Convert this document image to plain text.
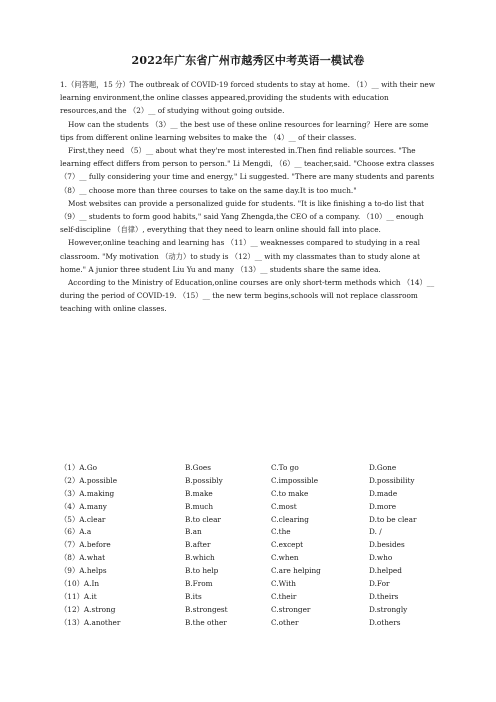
2022年广东省广州市越秀区中考英语一模试卷

1.（问答题，15 分）The outbreak of COVID-19 forced students to stay at home. （1）__ with their new learning environment,the online classes appeared,providing the students with education resources,and the （2）__ of studying without going outside.

How can the students （3）__ the best use of these online resources for learning？Here are some tips from different online learning websites to make the （4）__ of their classes.

First,they need （5）__ about what they're most interested in.Then find reliable sources. "The learning effect differs from person to person." Li Mengdi, （6）__ teacher,said. "Choose extra classes （7）__ fully considering your time and energy," Li suggested. "There are many students and parents （8）__ choose more than three courses to take on the same day.It is too much."

Most websites can provide a personalized guide for students. "It is like finishing a to-do list that （9）__ students to form good habits," said Yang Zhengda,the CEO of a company. （10）__ enough self-discipline （自律）, everything that they need to learn online should fall into place.

However,online teaching and learning has （11）__ weaknesses compared to studying in a real classroom. "My motivation （动力）to study is （12）__ with my classmates than to study alone at home." A junior three student Liu Yu and many （13）__ students share the same idea.

According to the Ministry of Education,online courses are only short-term methods which （14）__ during the period of COVID-19. （15）__ the new term begins,schools will not replace classroom teaching with online classes.

（1）A.Go	B.Goes	C.To go	D.Gone
（2）A.possible	B.possibly	C.impossible	D.possibility
（3）A.making	B.make	C.to make	D.made
（4）A.many	B.much	C.most	D.more
（5）A.clear	B.to clear	C.clearing	D.to be clear
（6）A.a	B.an	C.the	D. /
（7）A.before	B.after	C.except	D.besides
（8）A.what	B.which	C.when	D.who
（9）A.helps	B.to help	C.are helping	D.helped
（10）A.In	B.From	C.With	D.For
（11）A.it	B.its	C.their	D.theirs
（12）A.strong	B.strongest	C.stronger	D.strongly
（13）A.another	B.the other	C.other	D.others
